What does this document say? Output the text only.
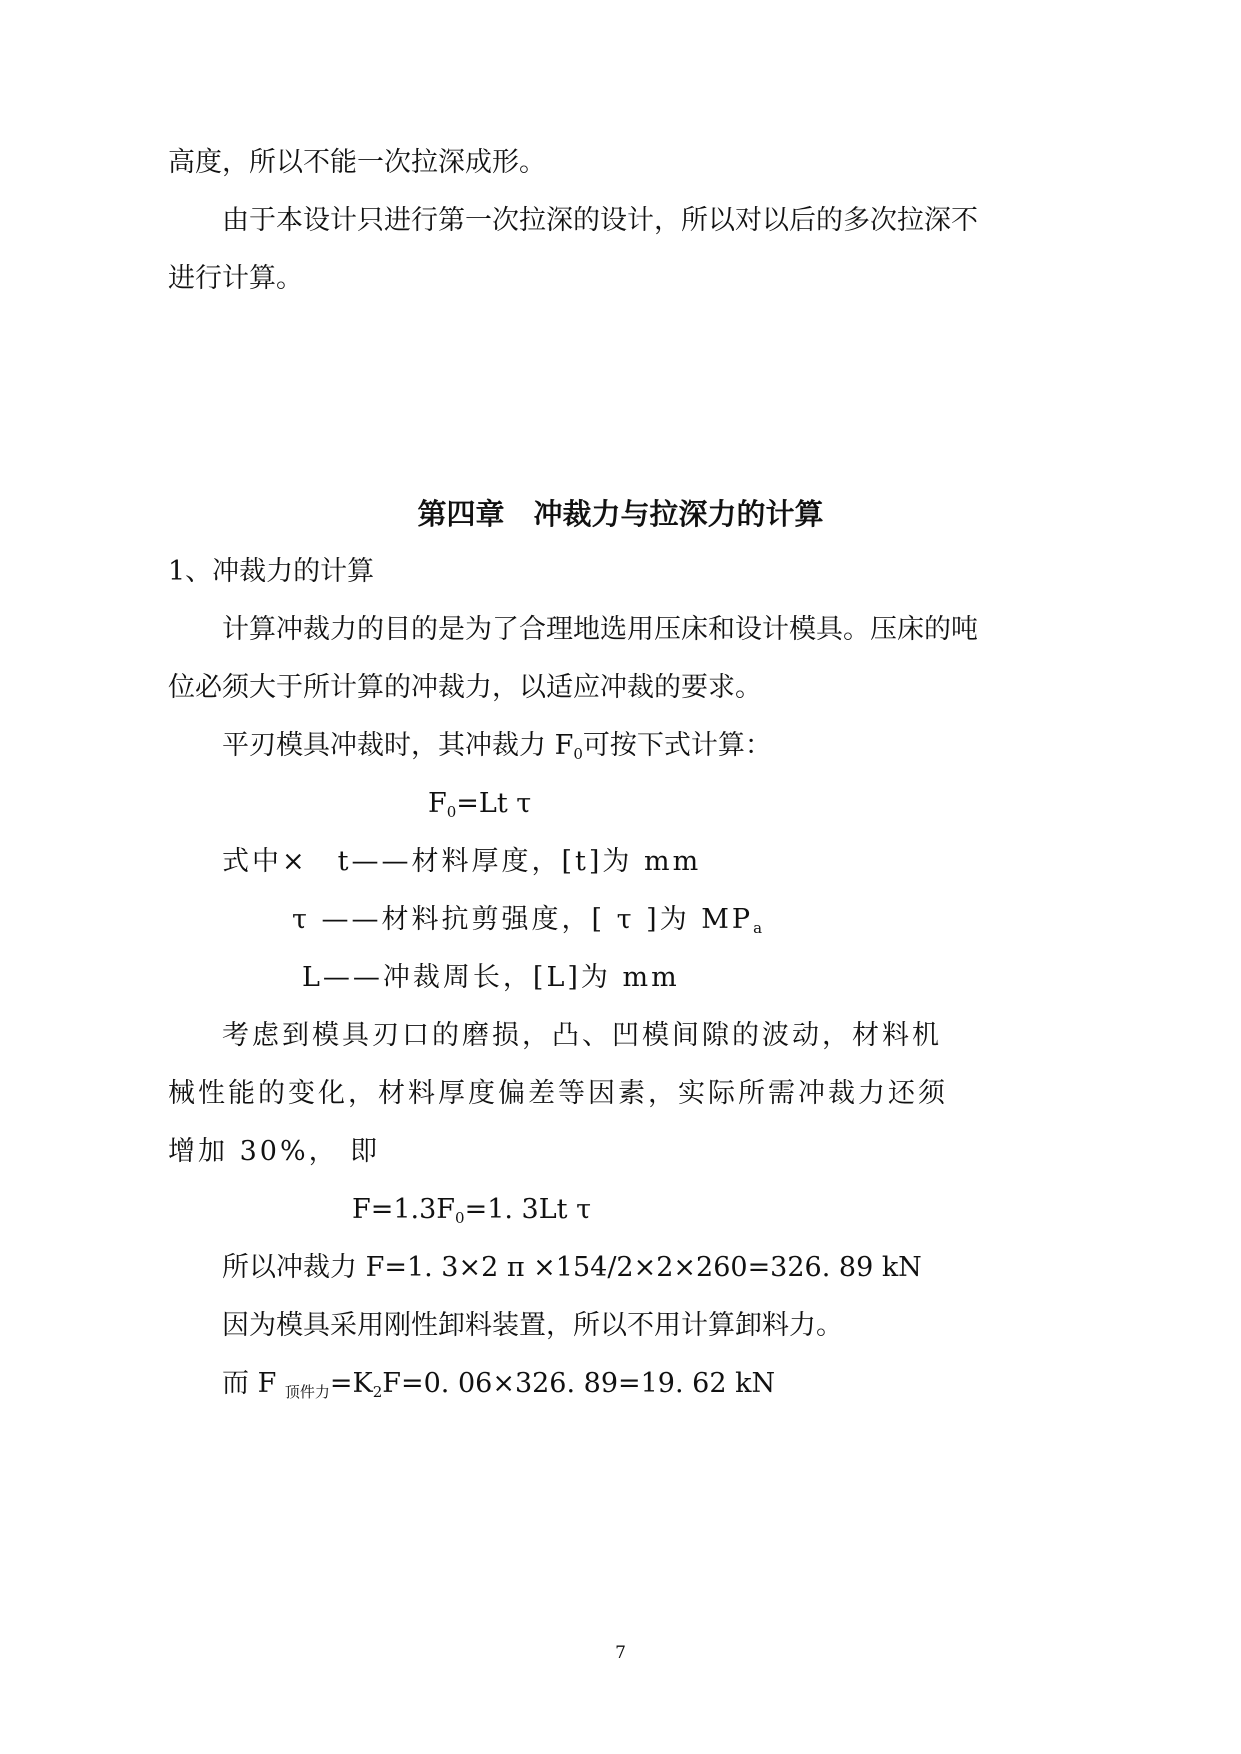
高度，所以不能一次拉深成形。
由于本设计只进行第一次拉深的设计，所以对以后的多次拉深不
进行计算。
第四章　冲裁力与拉深力的计算
1、冲裁力的计算
计算冲裁力的目的是为了合理地选用压床和设计模具。压床的吨
位必须大于所计算的冲裁力，以适应冲裁的要求。
平刃模具冲裁时，其冲裁力 $F_0$可按下式计算：
$F_0=Lt$ τ
式中×　t——材料厚度，[t]为 mm
τ ——材料抗剪强度，[ τ ]为 $MP_a$
L——冲裁周长，[L]为 mm
考虑到模具刃口的磨损，凸、凹模间隙的波动，材料机
械性能的变化，材料厚度偏差等因素，实际所需冲裁力还须
增加 30%， 即
$F=1.3F_0=1$. 3Lt τ
所以冲裁力 F=1. 3×2 π ×154/2×2×260=326. 89 kN
因为模具采用刚性卸料装置，所以不用计算卸料力。
而 F $_{顶件力}=K_2F=0$. 06×326. 89=19. 62 kN
7
